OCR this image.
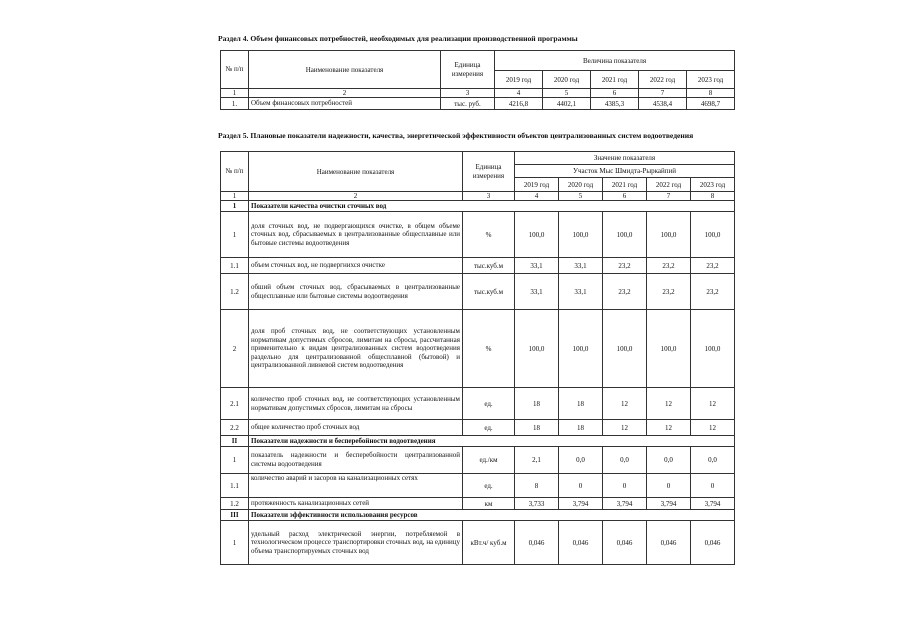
Раздел 4. Объем финансовых потребностей, необходимых для реализации производственной программы

№ п/п	Наименование показателя	Единица измерения	Величина показателя				
			2019 год	2020 год	2021 год	2022 год	2023 год
1	2	3	4	5	6	7	8
1.	Объем финансовых потребностей	тыс. руб.	4216,8	4402,1	4385,3	4538,4	4698,7

Раздел 5. Плановые показатели надежности, качества, энергетической эффективности объектов централизованных систем водоотведения

№ п/п	Наименование показателя	Единица измерения	Значение показателя				
			Участок Мыс Шмидта-Рыркайпий				
			2019 год	2020 год	2021 год	2022 год	2023 год
1	2	3	4	5	6	7	8
1	Показатели качества очистки сточных вод						
1	доля сточных вод, не подвергающихся очистке, в общем объеме сточных вод, сбрасываемых в централизованные общесплавные или бытовые системы водоотведения	%	100,0	100,0	100,0	100,0	100,0
1.1	объем сточных вод, не подвергнихся очистке	тыс.куб.м	33,1	33,1	23,2	23,2	23,2
1.2	обший объем сточных вод, сбрасываемых в централизованные общесплавные или бытовые системы водоотведения	тыс.куб.м	33,1	33,1	23,2	23,2	23,2
2	доля проб сточных вод, не соответствующих установленным нормативам допустимых сбросов, лимитам на сбросы, рассчитанная применительно к видам централизованных систем водоотведения раздельно для централизованной общесплавной (бытовой) и централизованной ливневой систем водоотведения	%	100,0	100,0	100,0	100,0	100,0
2.1	количество проб сточных вод, не соответствующих установленным нормативам допустимых сбросов, лимитам на сбросы	ед.	18	18	12	12	12
2.2	общее количество проб сточных вод	ед.	18	18	12	12	12
II	Показатели надежности и бесперебойности водоотведения						
1	показатель надежности и бесперебойности централизованной системы водоотведения	ед./км	2,1	0,0	0,0	0,0	0,0
1.1	количество аварий и засоров на канализационных сетях	ед.	8	0	0	0	0
1.2	протяженность канализационных сетей	км	3,733	3,794	3,794	3,794	3,794
III	Показатели эффективности использования ресурсов						
1	удельный расход электрической энергии, потребляемой в технологическом процессе транспортировки сточных вод, на единицу объема транспортируемых сточных вод	кВт.ч/ куб.м	0,046	0,046	0,046	0,046	0,046
